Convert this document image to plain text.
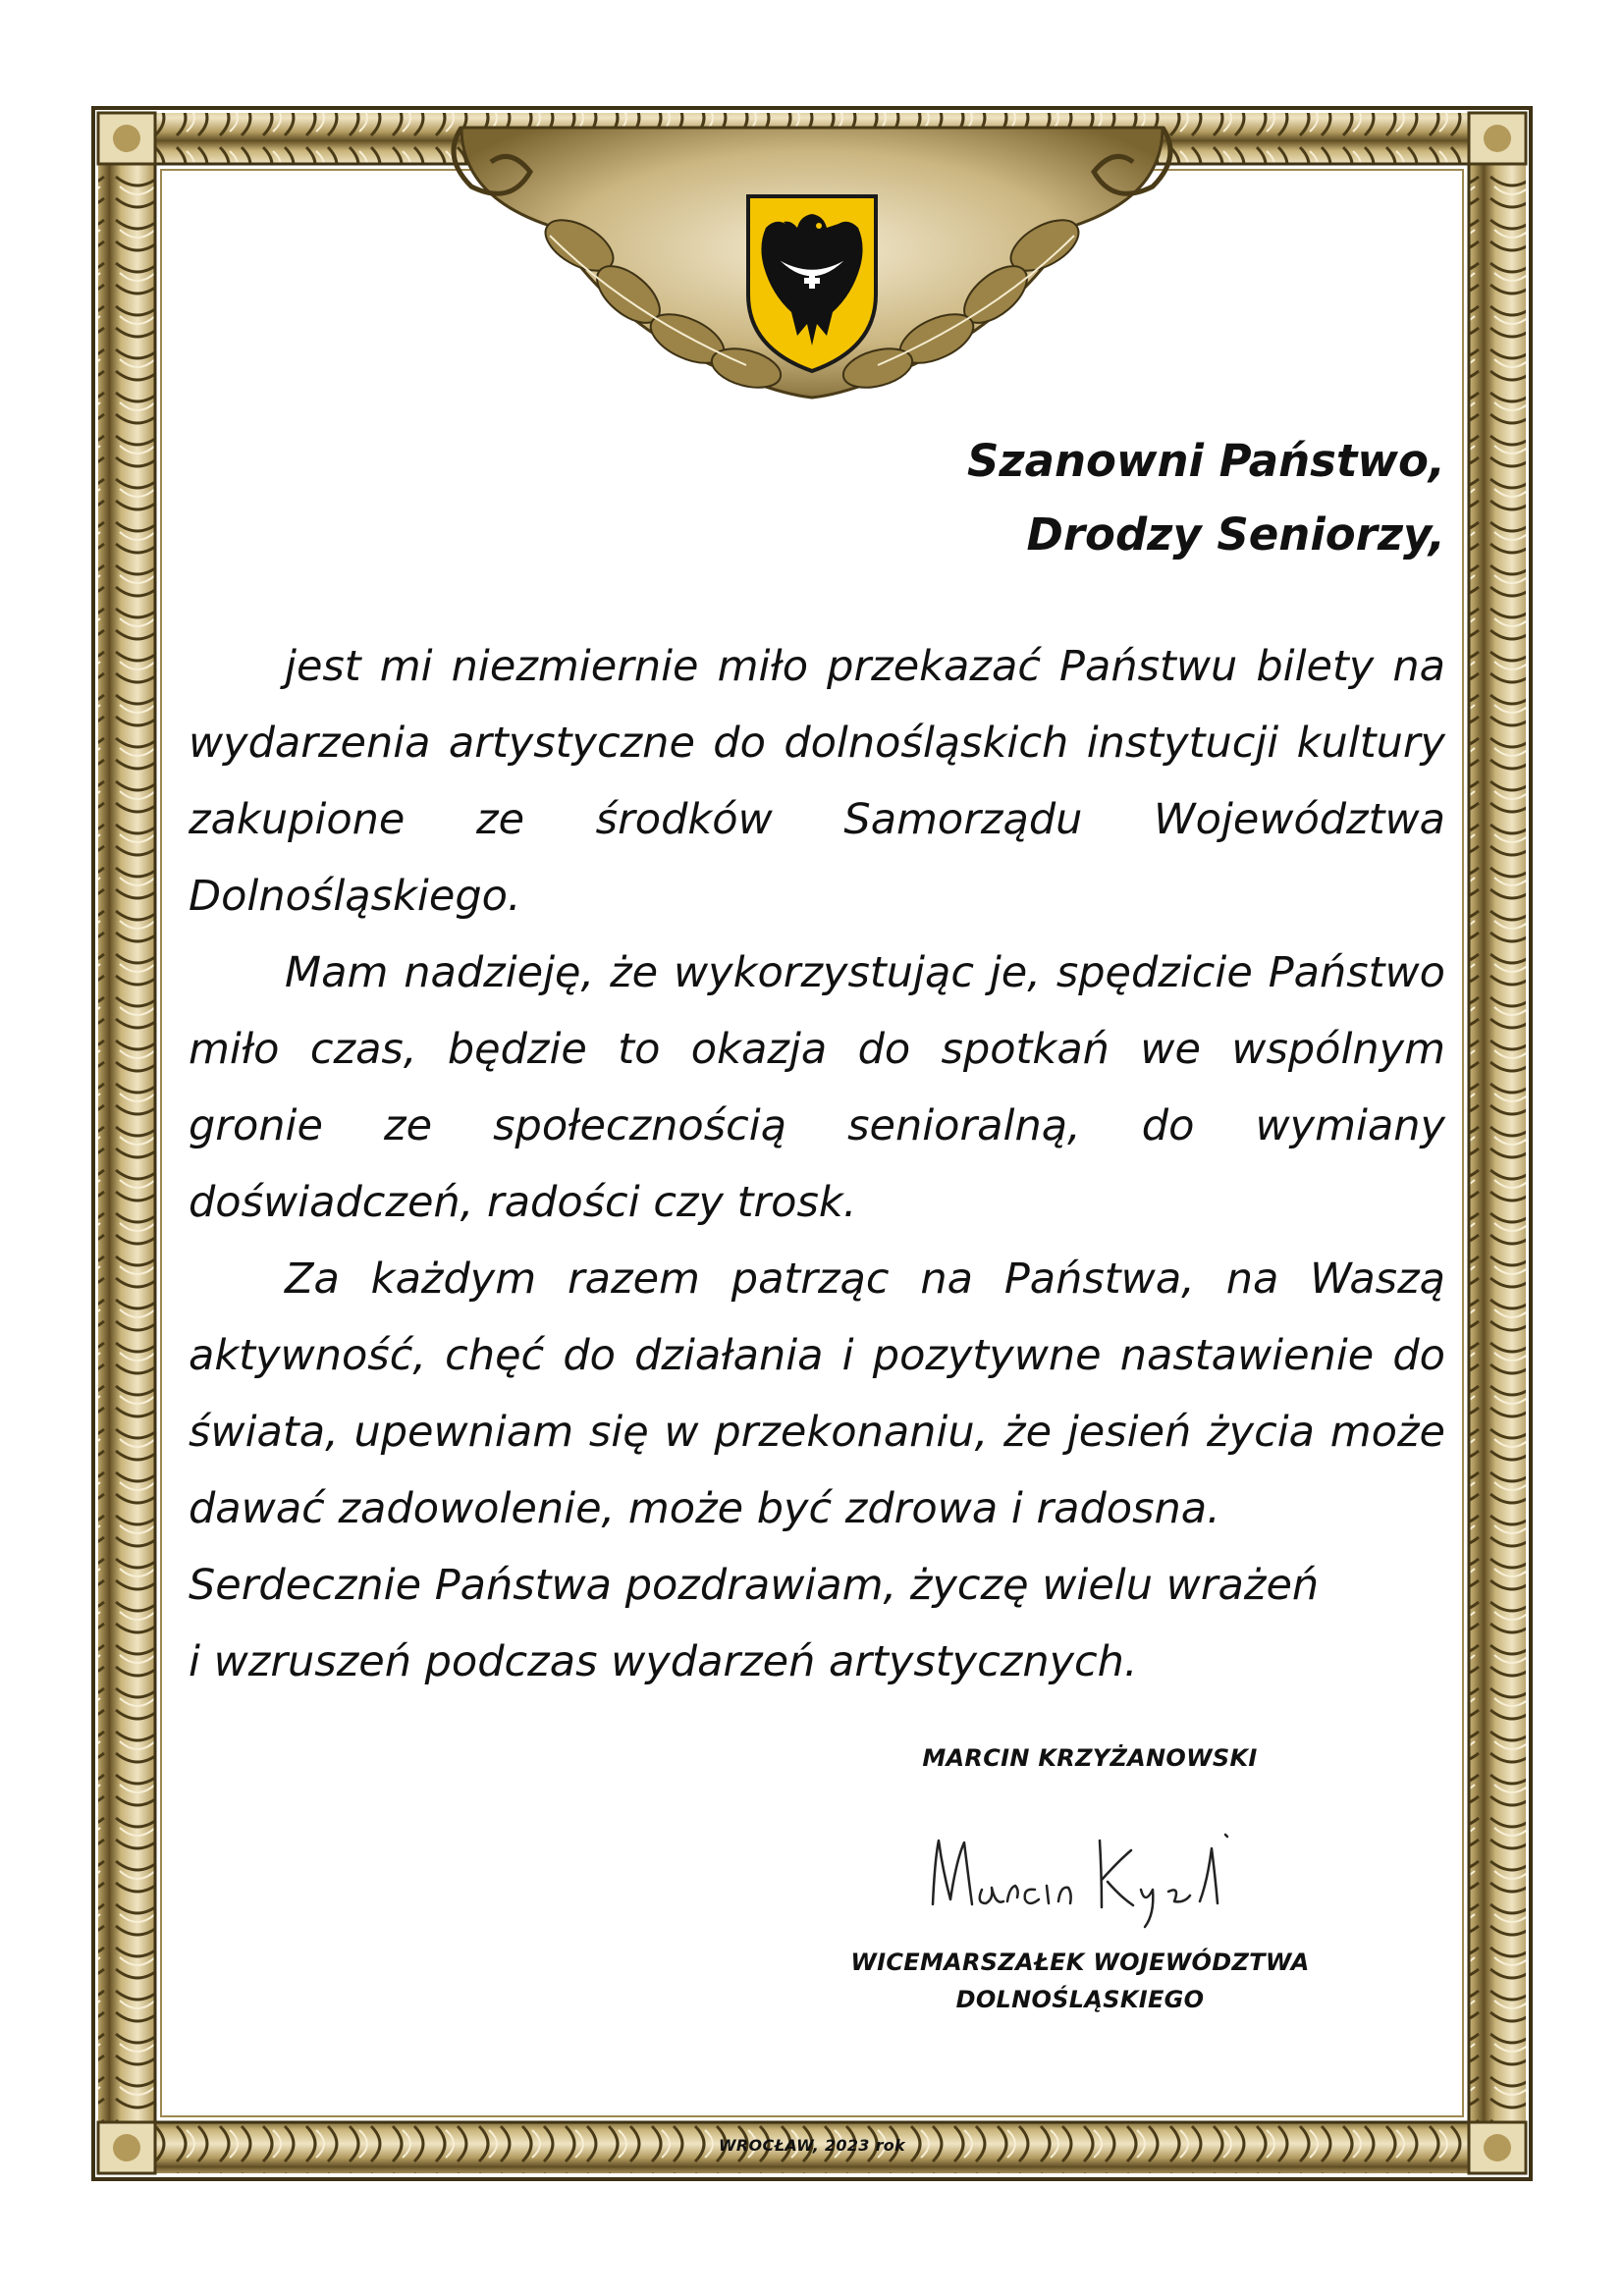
Szanowni Państwo,

Drodzy Seniorzy,

jest mi niezmiernie miło przekazać Państwu bilety na wydarzenia artystyczne do dolnośląskich instytucji kultury zakupione ze środków Samorządu Województwa Dolnośląskiego.

Mam nadzieję, że wykorzystując je, spędzicie Państwo miło czas, będzie to okazja do spotkań we wspólnym gronie ze społecznością senioralną, do wymiany doświadczeń, radości czy trosk.

Za każdym razem patrząc na Państwa, na Waszą aktywność, chęć do działania i pozytywne nastawienie do świata, upewniam się w przekonaniu, że jesień życia może dawać zadowolenie, może być zdrowa i radosna.

Serdecznie Państwa pozdrawiam, życzę wielu wrażeń

i wzruszeń podczas wydarzeń artystycznych.

MARCIN KRZYŻANOWSKI

WICEMARSZAŁEK WOJEWÓDZTWA

DOLNOŚLĄSKIEGO

WROCŁAW, 2023 rok
